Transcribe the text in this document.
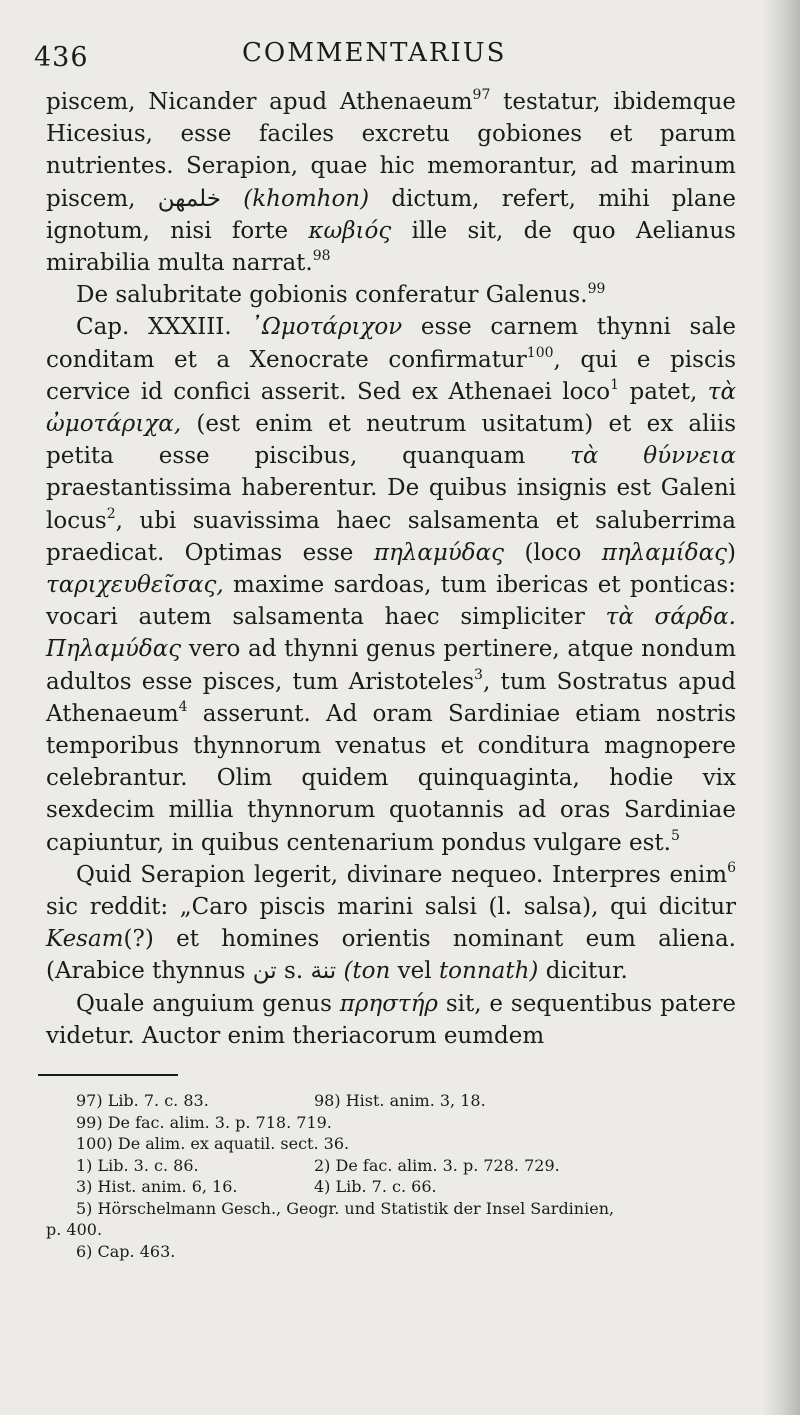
436	COMMENTARIUS

piscem, Nicander apud Athenaeum$^{97}$ testatur, ibidemque Hicesius, esse faciles excretu gobiones et parum nutrientes. Serapion, quae hic memorantur, ad marinum piscem, خلمهن (khomhon) dictum, refert, mihi plane ignotum, nisi forte κωβιός ille sit, de quo Aelianus mirabilia multa narrat.$^{98}$

De salubritate gobionis conferatur Galenus.$^{99}$

Cap. XXXIII. ᾽Ωμοτάριχον esse carnem thynni sale conditam et a Xenocrate confirmatur$^{100}$, qui e piscis cervice id confici asserit. Sed ex Athenaei loco$^1$ patet, τὰ ὠμοτάριχα, (est enim et neutrum usitatum) et ex aliis petita esse piscibus, quanquam τὰ θύννεια praestantissima haberentur. De quibus insignis est Galeni locus$^2$, ubi suavissima haec salsamenta et saluberrima praedicat. Optimas esse πηλαμύδας (loco πηλαμίδας) ταριχευθεῖσας, maxime sardoas, tum ibericas et ponticas: vocari autem salsamenta haec simpliciter τὰ σάρδα. Πηλαμύδας vero ad thynni genus pertinere, atque nondum adultos esse pisces, tum Aristoteles$^3$, tum Sostratus apud Athenaeum$^4$ asserunt. Ad oram Sardiniae etiam nostris temporibus thynnorum venatus et conditura magnopere celebrantur. Olim quidem quinquaginta, hodie vix sexdecim millia thynnorum quotannis ad oras Sardiniae capiuntur, in quibus centenarium pondus vulgare est.$^5$

Quid Serapion legerit, divinare nequeo. Interpres enim$^6$ sic reddit: „Caro piscis marini salsi (l. salsa), qui dicitur Kesam(?) et homines orientis nominant eum aliena. (Arabice thynnus تن s. تنة (ton vel tonnath) dicitur.

Quale anguium genus πρηστήρ sit, e sequentibus patere videtur. Auctor enim theriacorum eumdem

97) Lib. 7. c. 83.	98) Hist. anim. 3, 18.
99) De fac. alim. 3. p. 718. 719.
100) De alim. ex aquatil. sect. 36.
1) Lib. 3. c. 86.	2) De fac. alim. 3. p. 728. 729.
3) Hist. anim. 6, 16.	4) Lib. 7. c. 66.
5) Hörschelmann Gesch., Geogr. und Statistik der Insel Sardinien,
p. 400.
6) Cap. 463.
